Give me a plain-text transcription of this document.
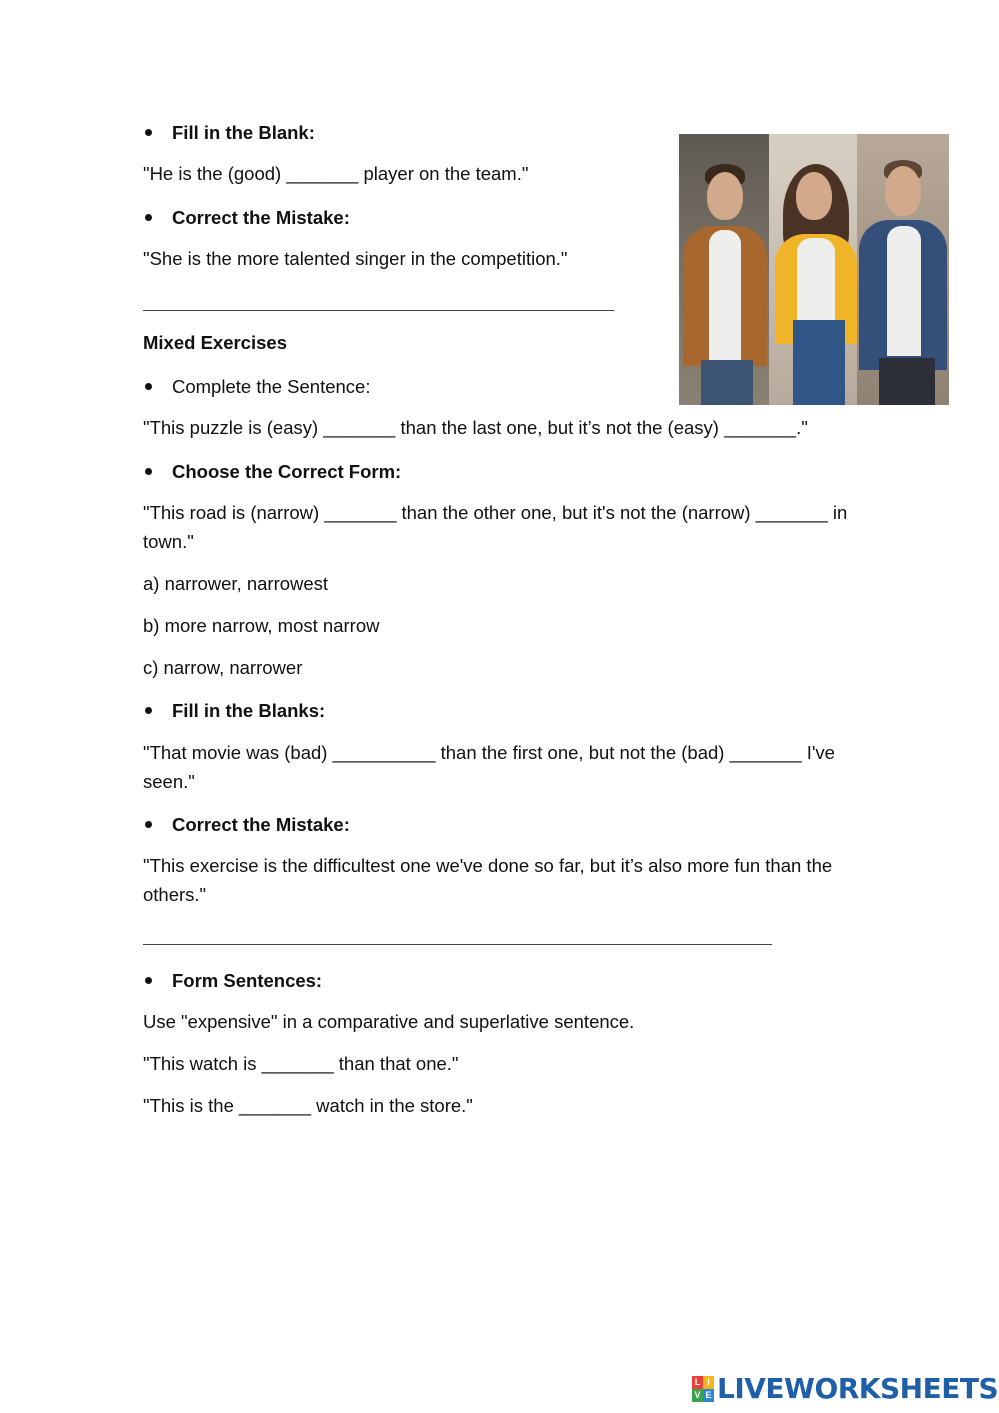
Fill in the Blank:
"He is the (good) _______ player on the team."
Correct the Mistake:
"She is the more talented singer in the competition."
Mixed Exercises
Complete the Sentence:
"This puzzle is (easy) _______ than the last one, but it’s not the (easy) _______."
Choose the Correct Form:
"This road is (narrow) _______ than the other one, but it's not the (narrow) _______ in town."
a) narrower, narrowest
b) more narrow, most narrow
c) narrow, narrower
Fill in the Blanks:
"That movie was (bad) __________ than the first one, but not the (bad) _______ I've seen."
Correct the Mistake:
"This exercise is the difficultest one we've done so far, but it’s also more fun than the others."
Form Sentences:
Use "expensive" in a comparative and superlative sentence.
"This watch is _______ than that one."
"This is the _______ watch in the store."
L I
V E LIVEWORKSHEETS
